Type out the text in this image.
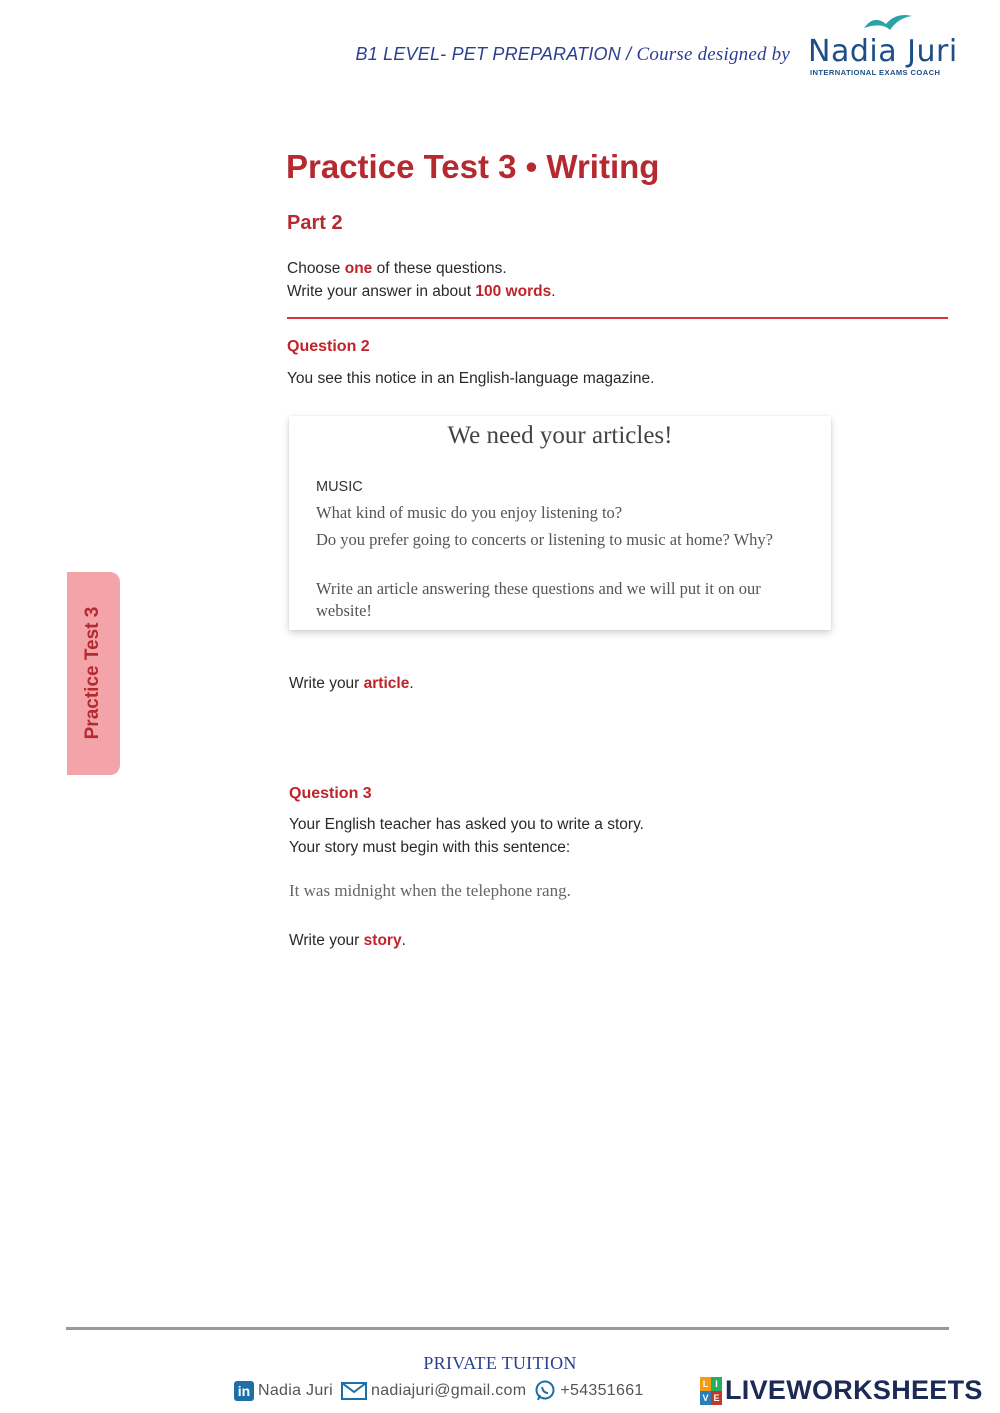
B1 LEVEL- PET PREPARATION / Course designed by Nadia Juri
INTERNATIONAL EXAMS COACH
Practice Test 3 • Writing
Part 2
Choose one of these questions.
Write your answer in about 100 words.
Question 2
You see this notice in an English-language magazine.
We need your articles!
MUSIC
What kind of music do you enjoy listening to?
Do you prefer going to concerts or listening to music at home? Why?
Write an article answering these questions and we will put it on our website!
Write your article.
Question 3
Your English teacher has asked you to write a story.
Your story must begin with this sentence:
It was midnight when the telephone rang.
Write your story.
Practice Test 3
PRIVATE TUITION
in Nadia Juri nadiajuri@gmail.com +54351661	L I
V E LIVEWORKSHEETS
